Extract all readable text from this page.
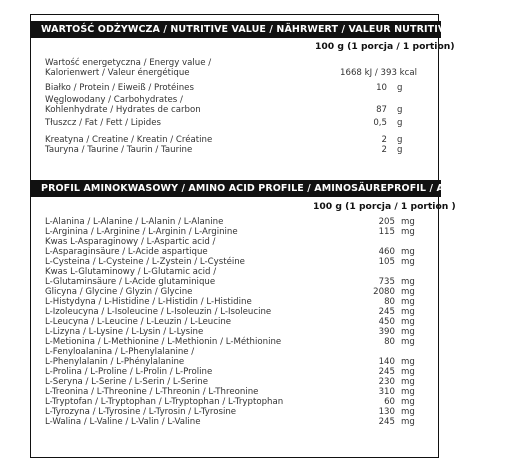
WARTOŚĆ ODŻYWCZA / NUTRITIVE VALUE / NÄHRWERT / VALEUR NUTRITIVE
100 g (1 porcja / 1 portion)
Wartość energetyczna / Energy value /
Kalorienwert / Valeur énergétique	1668 kJ / 393 kcal
Białko / Protein / Eiweiß / Protéines	10 g
Węglowodany / Carbohydrates /
Kohlenhydrate / Hydrates de carbon	87 g
Tłuszcz / Fat / Fett / Lipides	0,5 g
Kreatyna / Creatine / Kreatin / Créatine	2 g
Tauryna / Taurine / Taurin / Taurine	2 g
PROFIL AMINOKWASOWY / AMINO ACID PROFILE / AMINOSÄUREPROFIL / AMINOGRAMME
100 g (1 porcja / 1 portion )
L-Alanina / L-Alanine / L-Alanin / L-Alanine	205 mg
L-Arginina / L-Arginine / L-Arginin / L-Arginine	115 mg
Kwas L-Asparaginowy / L-Aspartic acid /
L-Asparaginsäure / L-Acide aspartique	460 mg
L-Cysteina / L-Cysteine / L-Zystein / L-Cystéine	105 mg
Kwas L-Glutaminowy / L-Glutamic acid /
L-Glutaminsäure / L-Acide glutaminique	735 mg
Glicyna / Glycine / Glyzin / Glycine	2080 mg
L-Histydyna / L-Histidine / L-Histidin / L-Histidine	80 mg
L-Izoleucyna / L-Isoleucine / L-Isoleuzin / L-Isoleucine	245 mg
L-Leucyna / L-Leucine / L-Leuzin / L-Leucine	450 mg
L-Lizyna / L-Lysine / L-Lysin / L-Lysine	390 mg
L-Metionina / L-Methionine / L-Methionin / L-Méthionine	80 mg
L-Fenyloalanina / L-Phenylalanine /
L-Phenylalanin / L-Phénylalanine	140 mg
L-Prolina / L-Proline / L-Prolin / L-Proline	245 mg
L-Seryna / L-Serine / L-Serin / L-Serine	230 mg
L-Treonina / L-Threonine / L-Threonin / L-Threonine	310 mg
L-Tryptofan / L-Tryptophan / L-Tryptophan / L-Tryptophan	60 mg
L-Tyrozyna / L-Tyrosine / L-Tyrosin / L-Tyrosine	130 mg
L-Walina / L-Valine / L-Valin / L-Valine	245 mg
